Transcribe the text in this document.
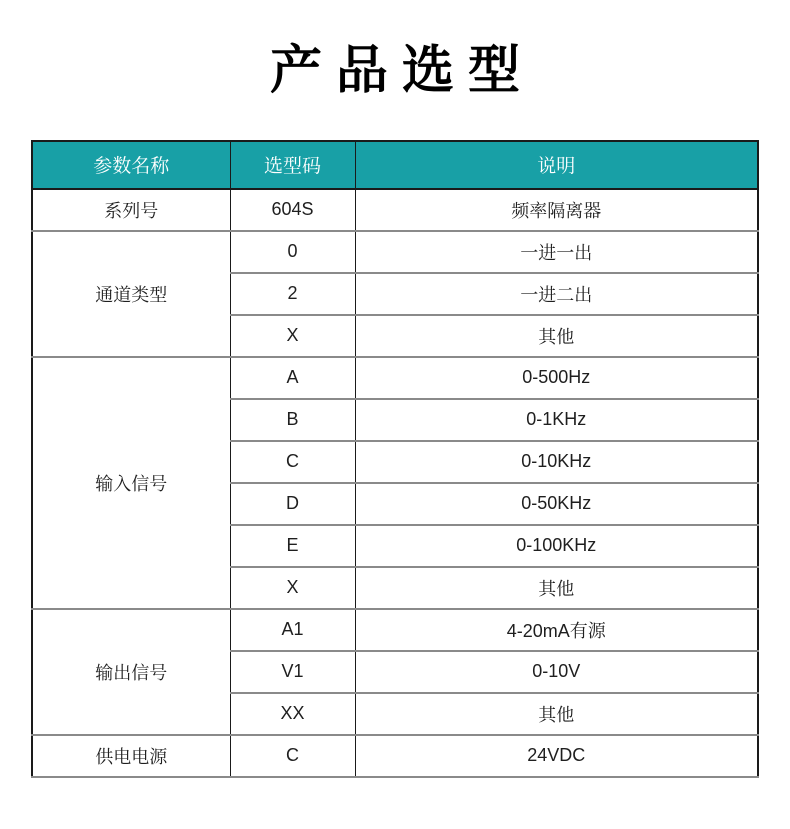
产品选型
参数名称	选型码	说明
系列号	604S	频率隔离器
通道类型	0	一进一出
	2	一进二出
	X	其他
输入信号	A	0-500Hz
	B	0-1KHz
	C	0-10KHz
	D	0-50KHz
	E	0-100KHz
	X	其他
输出信号	A1	4-20mA有源
	V1	0-10V
	XX	其他
供电电源	C	24VDC
